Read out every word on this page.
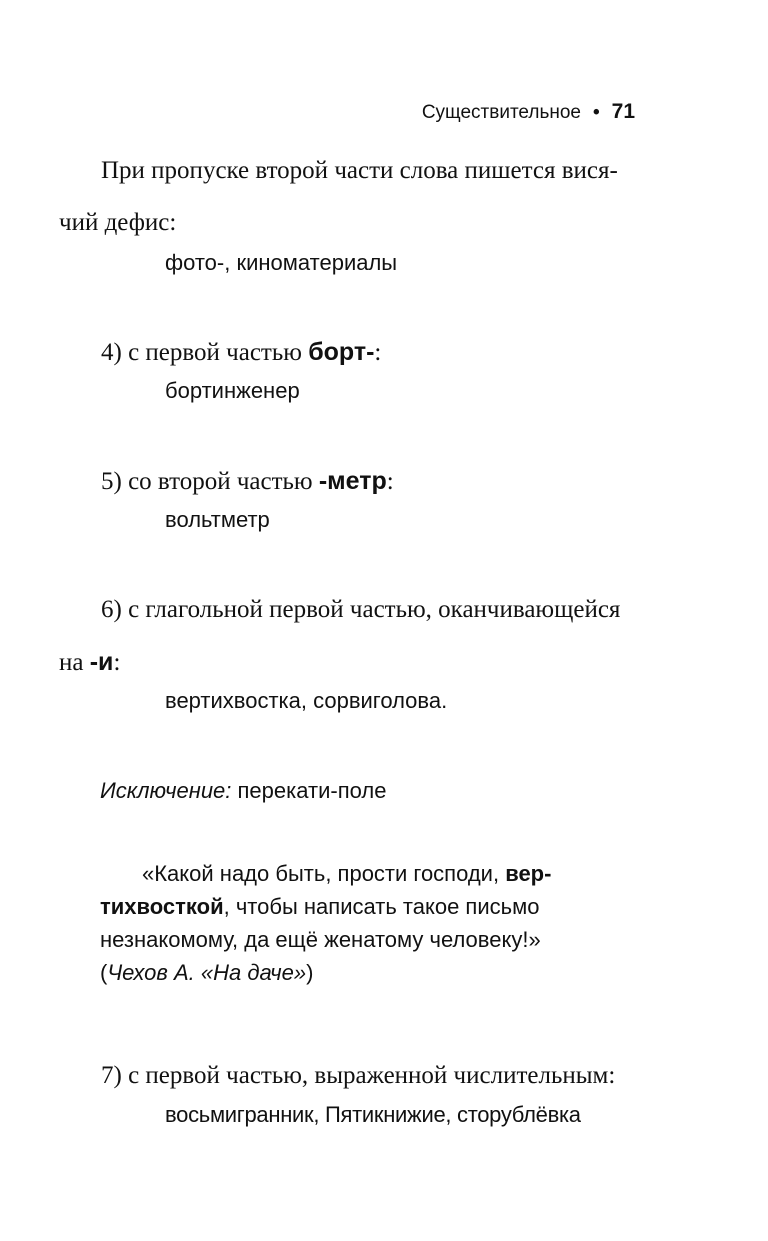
Существительное • 71
При пропуске второй части слова пишется вися-
чий дефис:
фото-, киноматериалы
4) с первой частью борт-:
бортинженер
5) со второй частью -метр:
вольтметр
6) с глагольной первой частью, оканчивающейся
на -и:
вертихвостка, сорвиголова.
Исключение: перекати-поле
«Какой надо быть, прости господи, вер-
тихвосткой, чтобы написать такое письмо
незнакомому, да ещё женатому человеку!»
(Чехов А. «На даче»)
7) с первой частью, выраженной числительным:
восьмигранник, Пятикнижие, сторублёвка
